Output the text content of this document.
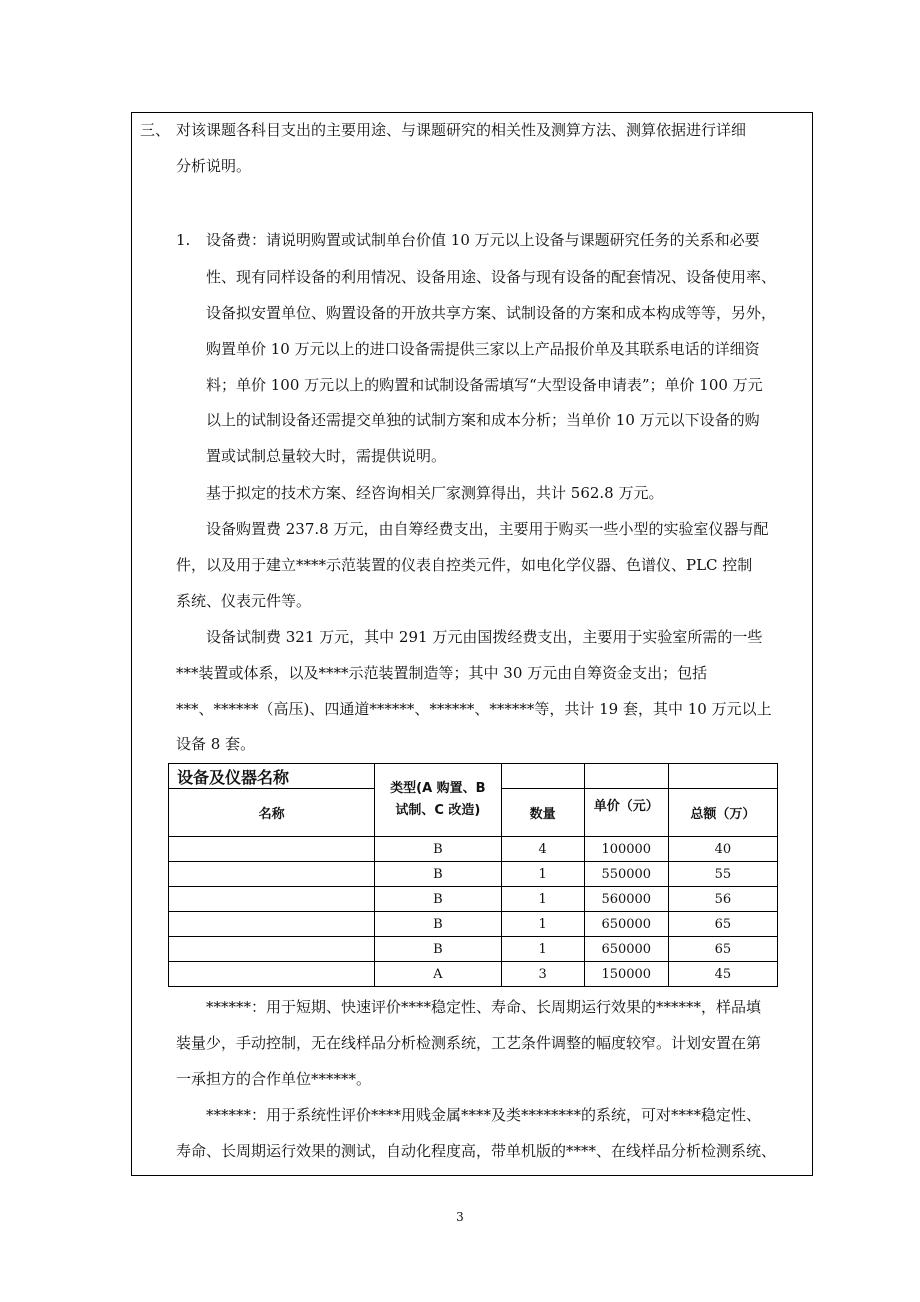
三、 对该课题各科目支出的主要用途、与课题研究的相关性及测算方法、测算依据进行详细
分析说明。
1. 设备费：请说明购置或试制单台价值 10 万元以上设备与课题研究任务的关系和必要
性、现有同样设备的利用情况、设备用途、设备与现有设备的配套情况、设备使用率、
设备拟安置单位、购置设备的开放共享方案、试制设备的方案和成本构成等等，另外，
购置单价 10 万元以上的进口设备需提供三家以上产品报价单及其联系电话的详细资
料；单价 100 万元以上的购置和试制设备需填写“大型设备申请表”；单价 100 万元
以上的试制设备还需提交单独的试制方案和成本分析；当单价 10 万元以下设备的购
置或试制总量较大时，需提供说明。
基于拟定的技术方案、经咨询相关厂家测算得出，共计 562.8 万元。
设备购置费 237.8 万元，由自筹经费支出，主要用于购买一些小型的实验室仪器与配
件，以及用于建立****示范装置的仪表自控类元件，如电化学仪器、色谱仪、PLC 控制
系统、仪表元件等。
设备试制费 321 万元，其中 291 万元由国拨经费支出，主要用于实验室所需的一些
***装置或体系，以及****示范装置制造等；其中 30 万元由自筹资金支出；包括
***、******（高压)、四通道******、******、******等，共计 19 套，其中 10 万元以上
设备 8 套。
设备及仪器名称	类型(A 购置、B
试制、C 改造)			

名称		数量	单价（元）	总额（万）
	B	4	100000	40
	B	1	550000	55
	B	1	560000	56
	B	1	650000	65
	B	1	650000	65
	A	3	150000	45
******：用于短期、快速评价****稳定性、寿命、长周期运行效果的******，样品填
装量少，手动控制，无在线样品分析检测系统，工艺条件调整的幅度较窄。计划安置在第
一承担方的合作单位******。
******：用于系统性评价****用贱金属****及类********的系统，可对****稳定性、
寿命、长周期运行效果的测试，自动化程度高，带单机版的****、在线样品分析检测系统、
3
